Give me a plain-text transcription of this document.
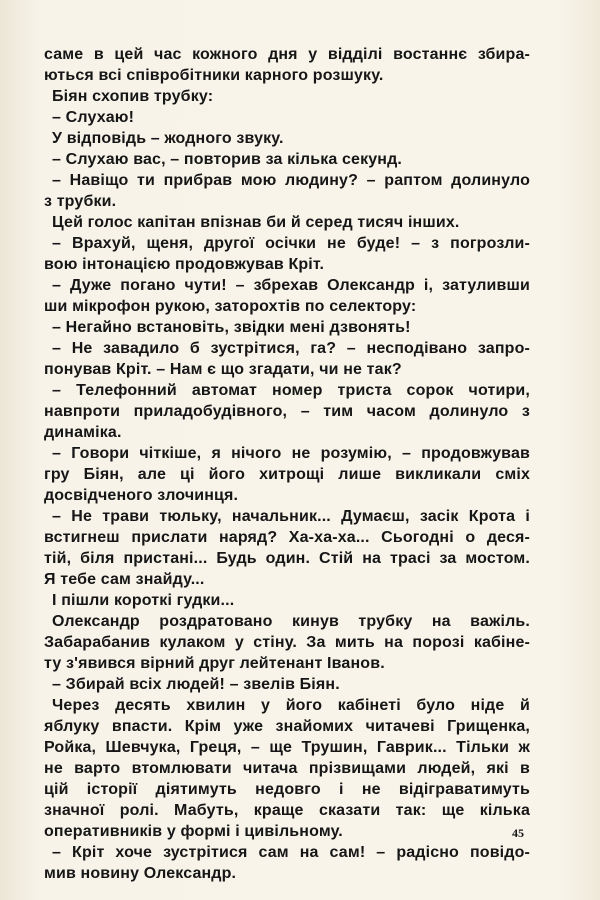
саме в цей час кожного дня у відділі востаннє збира-

ються всі співробітники карного розшуку.

Біян схопив трубку:

– Слухаю!

У відповідь – жодного звуку.

– Слухаю вас, – повторив за кілька секунд.

– Навіщо ти прибрав мою людину? – раптом долинуло

з трубки.

Цей голос капітан впізнав би й серед тисяч інших.

– Врахуй, щеня, другої осічки не буде! – з погрозли-

вою інтонацією продовжував Кріт.

– Дуже погано чути! – збрехав Олександр і, затуливши

ши мікрофон рукою, заторохтів по селектору:

– Негайно встановіть, звідки мені дзвонять!

– Не завадило б зустрітися, га? – несподівано запро-

понував Кріт. – Нам є що згадати, чи не так?

– Телефонний автомат номер триста сорок чотири,

навпроти приладобудівного, – тим часом долинуло з

динаміка.

– Говори чіткіше, я нічого не розумію, – продовжував

гру Біян, але ці його хитрощі лише викликали сміх

досвідченого злочинця.

– Не трави тюльку, начальник... Думаєш, засік Крота і

встигнеш прислати наряд? Ха-ха-ха... Сьогодні о деся-

тій, біля пристані... Будь один. Стій на трасі за мостом.

Я тебе сам знайду...

І пішли короткі гудки...

Олександр роздратовано кинув трубку на важіль.

Забарабанив кулаком у стіну. За мить на порозі кабіне-

ту з'явився вірний друг лейтенант Іванов.

– Збирай всіх людей! – звелів Біян.

Через десять хвилин у його кабінеті було ніде й

яблуку впасти. Крім уже знайомих читачеві Грищенка,

Ройка, Шевчука, Греця, – ще Трушин, Гаврик... Тільки ж

не варто втомлювати читача прізвищами людей, які в

цій історії діятимуть недовго і не відіграватимуть

значної ролі. Мабуть, краще сказати так: ще кілька

оперативників у формі і цивільному.

– Кріт хоче зустрітися сам на сам! – радісно повідо-

мив новину Олександр.

45
